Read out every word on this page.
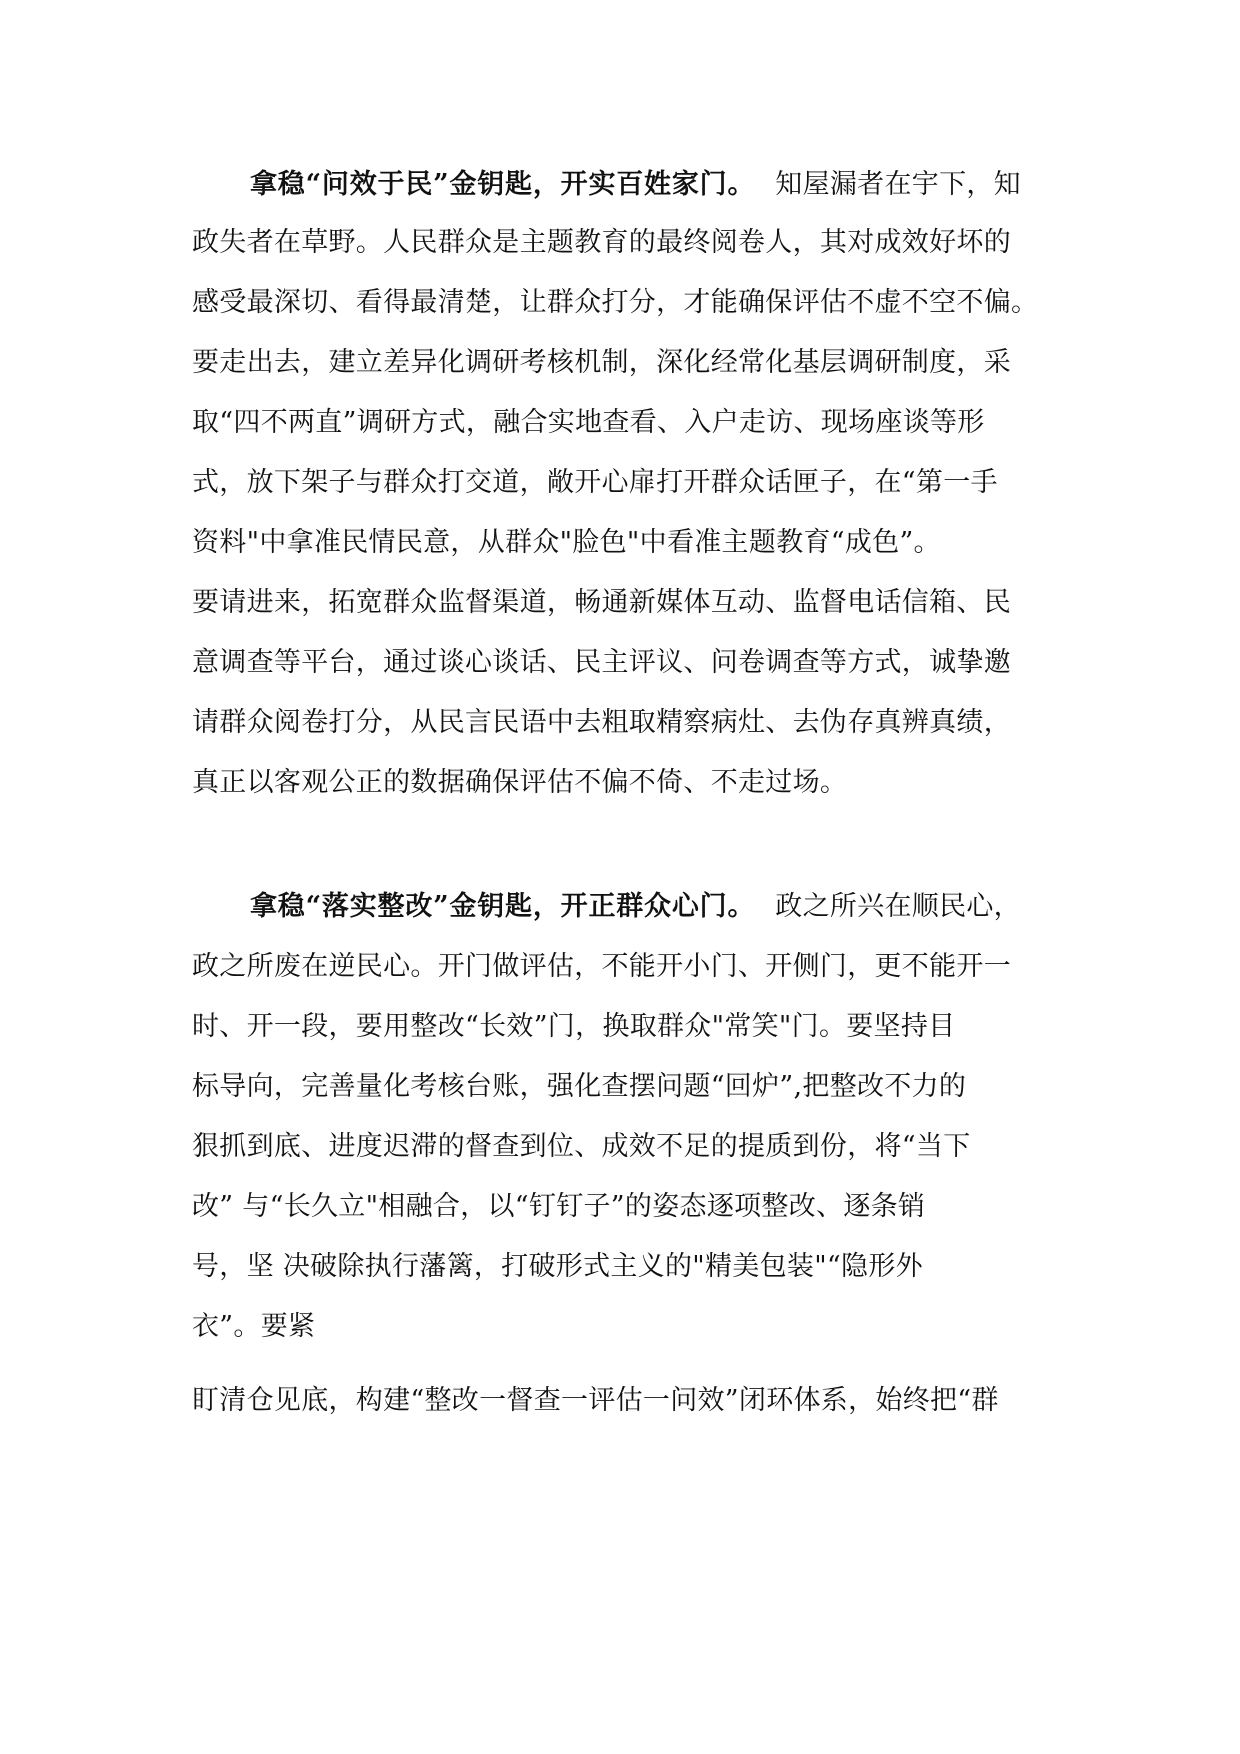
拿稳“问效于民”金钥匙，开实百姓家门。 知屋漏者在宇下，知
政失者在草野。人民群众是主题教育的最终阅卷人，其对成效好坏的
感受最深切、看得最清楚，让群众打分，才能确保评估不虚不空不偏。
要走出去，建立差异化调研考核机制，深化经常化基层调研制度，采
取“四不两直”调研方式，融合实地查看、入户走访、现场座谈等形
式，放下架子与群众打交道，敞开心扉打开群众话匣子，在“第一手
资料"中拿准民情民意，从群众"脸色"中看准主题教育“成色”。
要请进来，拓宽群众监督渠道，畅通新媒体互动、监督电话信箱、民
意调查等平台，通过谈心谈话、民主评议、问卷调查等方式，诚挚邀
请群众阅卷打分，从民言民语中去粗取精察病灶、去伪存真辨真绩，
真正以客观公正的数据确保评估不偏不倚、不走过场。
拿稳“落实整改”金钥匙，开正群众心门。 政之所兴在顺民心，
政之所废在逆民心。开门做评估，不能开小门、开侧门，更不能开一
时、开一段，要用整改“长效”门，换取群众"常笑"门。要坚持目
标导向，完善量化考核台账，强化查摆问题“回炉”,把整改不力的
狠抓到底、进度迟滞的督查到位、成效不足的提质到份，将“当下
改” 与“长久立"相融合，以“钉钉子”的姿态逐项整改、逐条销
号，坚 决破除执行藩篱，打破形式主义的"精美包装"“隐形外
衣”。要紧
盯清仓见底，构建“整改一督查一评估一问效”闭环体系，始终把“群
